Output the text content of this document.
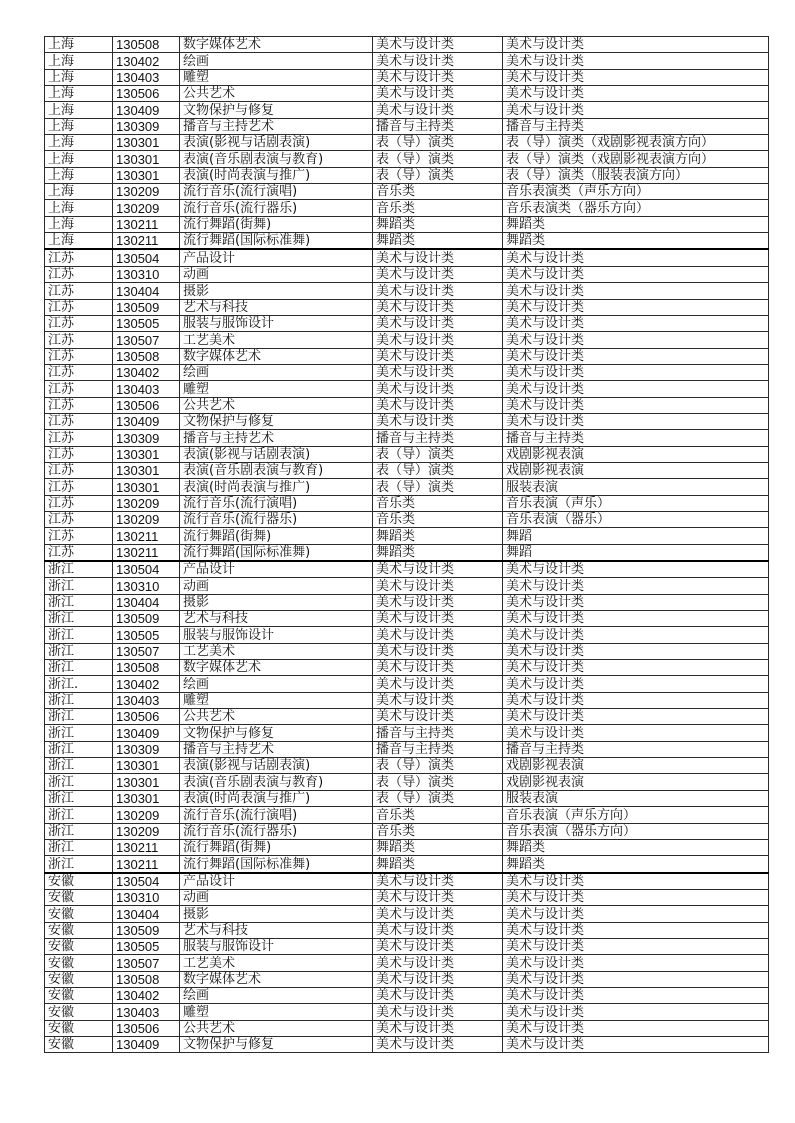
上海	130508	数字媒体艺术	美术与设计类	美术与设计类
上海	130402	绘画	美术与设计类	美术与设计类
上海	130403	雕塑	美术与设计类	美术与设计类
上海	130506	公共艺术	美术与设计类	美术与设计类
上海	130409	文物保护与修复	美术与设计类	美术与设计类
上海	130309	播音与主持艺术	播音与主持类	播音与主持类
上海	130301	表演(影视与话剧表演)	表（导）演类	表（导）演类（戏剧影视表演方向）
上海	130301	表演(音乐剧表演与教育)	表（导）演类	表（导）演类（戏剧影视表演方向）
上海	130301	表演(时尚表演与推广)	表（导）演类	表（导）演类（服装表演方向）
上海	130209	流行音乐(流行演唱)	音乐类	音乐表演类（声乐方向）
上海	130209	流行音乐(流行器乐)	音乐类	音乐表演类（器乐方向）
上海	130211	流行舞蹈(街舞)	舞蹈类	舞蹈类
上海	130211	流行舞蹈(国际标准舞)	舞蹈类	舞蹈类
江苏	130504	产品设计	美术与设计类	美术与设计类
江苏	130310	动画	美术与设计类	美术与设计类
江苏	130404	摄影	美术与设计类	美术与设计类
江苏	130509	艺术与科技	美术与设计类	美术与设计类
江苏	130505	服装与服饰设计	美术与设计类	美术与设计类
江苏	130507	工艺美术	美术与设计类	美术与设计类
江苏	130508	数字媒体艺术	美术与设计类	美术与设计类
江苏	130402	绘画	美术与设计类	美术与设计类
江苏	130403	雕塑	美术与设计类	美术与设计类
江苏	130506	公共艺术	美术与设计类	美术与设计类
江苏	130409	文物保护与修复	美术与设计类	美术与设计类
江苏	130309	播音与主持艺术	播音与主持类	播音与主持类
江苏	130301	表演(影视与话剧表演)	表（导）演类	戏剧影视表演
江苏	130301	表演(音乐剧表演与教育)	表（导）演类	戏剧影视表演
江苏	130301	表演(时尚表演与推广)	表（导）演类	服装表演
江苏	130209	流行音乐(流行演唱)	音乐类	音乐表演（声乐）
江苏	130209	流行音乐(流行器乐)	音乐类	音乐表演（器乐）
江苏	130211	流行舞蹈(街舞)	舞蹈类	舞蹈
江苏	130211	流行舞蹈(国际标准舞)	舞蹈类	舞蹈
浙江	130504	产品设计	美术与设计类	美术与设计类
浙江	130310	动画	美术与设计类	美术与设计类
浙江	130404	摄影	美术与设计类	美术与设计类
浙江	130509	艺术与科技	美术与设计类	美术与设计类
浙江	130505	服装与服饰设计	美术与设计类	美术与设计类
浙江	130507	工艺美术	美术与设计类	美术与设计类
浙江	130508	数字媒体艺术	美术与设计类	美术与设计类
浙江.	130402	绘画	美术与设计类	美术与设计类
浙江	130403	雕塑	美术与设计类	美术与设计类
浙江	130506	公共艺术	美术与设计类	美术与设计类
浙江	130409	文物保护与修复	播音与主持类	美术与设计类
浙江	130309	播音与主持艺术	播音与主持类	播音与主持类
浙江	130301	表演(影视与话剧表演)	表（导）演类	戏剧影视表演
浙江	130301	表演(音乐剧表演与教育)	表（导）演类	戏剧影视表演
浙江	130301	表演(时尚表演与推广)	表（导）演类	服装表演
浙江	130209	流行音乐(流行演唱)	音乐类	音乐表演（声乐方向）
浙江	130209	流行音乐(流行器乐)	音乐类	音乐表演（器乐方向）
浙江	130211	流行舞蹈(街舞)	舞蹈类	舞蹈类
浙江	130211	流行舞蹈(国际标准舞)	舞蹈类	舞蹈类
安徽	130504	产品设计	美术与设计类	美术与设计类
安徽	130310	动画	美术与设计类	美术与设计类
安徽	130404	摄影	美术与设计类	美术与设计类
安徽	130509	艺术与科技	美术与设计类	美术与设计类
安徽	130505	服装与服饰设计	美术与设计类	美术与设计类
安徽	130507	工艺美术	美术与设计类	美术与设计类
安徽	130508	数字媒体艺术	美术与设计类	美术与设计类
安徽	130402	绘画	美术与设计类	美术与设计类
安徽	130403	雕塑	美术与设计类	美术与设计类
安徽	130506	公共艺术	美术与设计类	美术与设计类
安徽	130409	文物保护与修复	美术与设计类	美术与设计类
